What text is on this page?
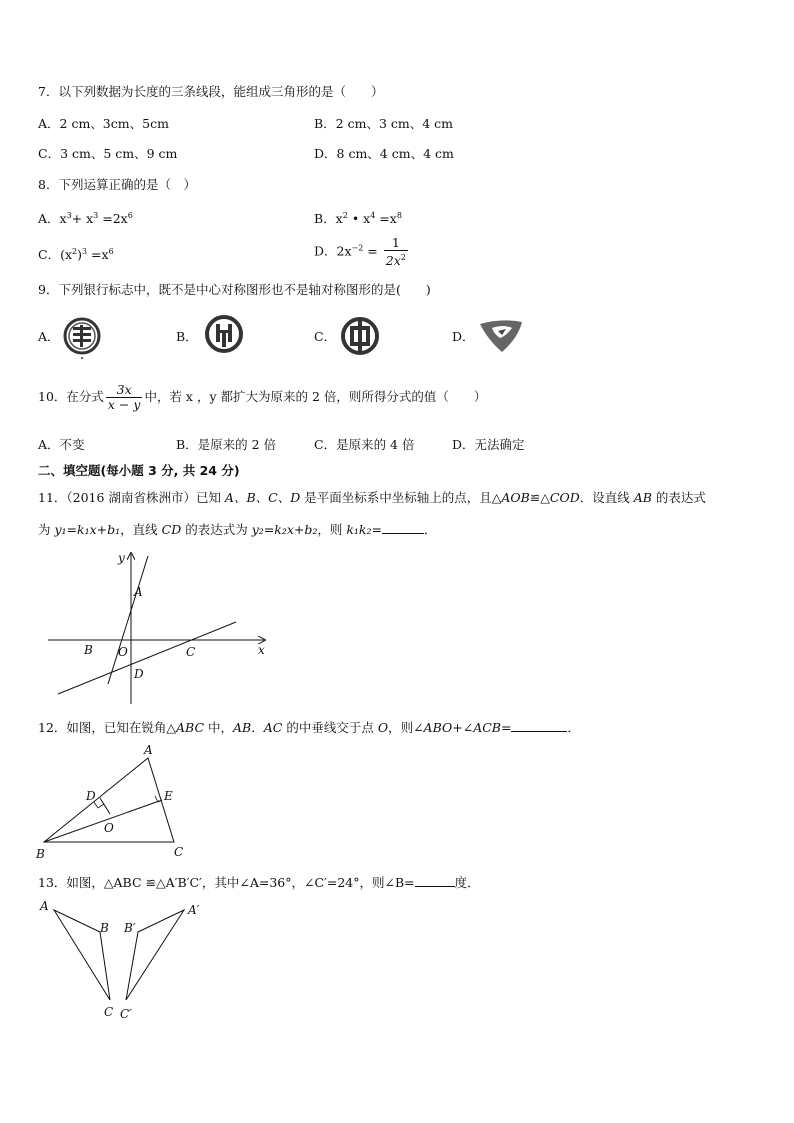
7．以下列数据为长度的三条线段，能组成三角形的是（　　）
A．2 cm、3cm、5cm	B．2 cm、3 cm、4 cm
C．3 cm、5 cm、9 cm	D．8 cm、4 cm、4 cm
8．下列运算正确的是（　）
A．$x^3+ x^3 =2x^6$	B．$x^2$ • $x^4 =x^8$
C．$(x^2)^3 =x^6$	D．$2x^{-2} = \frac{1}{2x^2}$
9．下列银行标志中，既不是中心对称图形也不是轴对称图形的是(　　)
A．	B．	C．	D．
10．在分式 $\frac{3x}{x - y}$ 中，若 x ，y 都扩大为原来的 2 倍，则所得分式的值（　　）
A．不变	B．是原来的 2 倍	C．是原来的 4 倍	D．无法确定
二、填空题(每小题 3 分, 共 24 分)
11．（2016 湖南省株洲市）已知 A、B、C、D 是平面坐标系中坐标轴上的点，且△AOB≌△COD．设直线 AB 的表达式
为 y₁=k₁x+b₁，直线 CD 的表达式为 y₂=k₂x+b₂，则 k₁k₂=	．
y
x
A
B O	C
D
12．如图，已知在锐角△ABC 中，AB．AC 的中垂线交于点 O，则∠ABO+∠ACB=	．
A
B	C
D	E
O
13．如图，△ABC ≌△A′B′C′，其中∠A=36°，∠C′=24°，则∠B=	度．
A
B
C
A′
B′
C′
